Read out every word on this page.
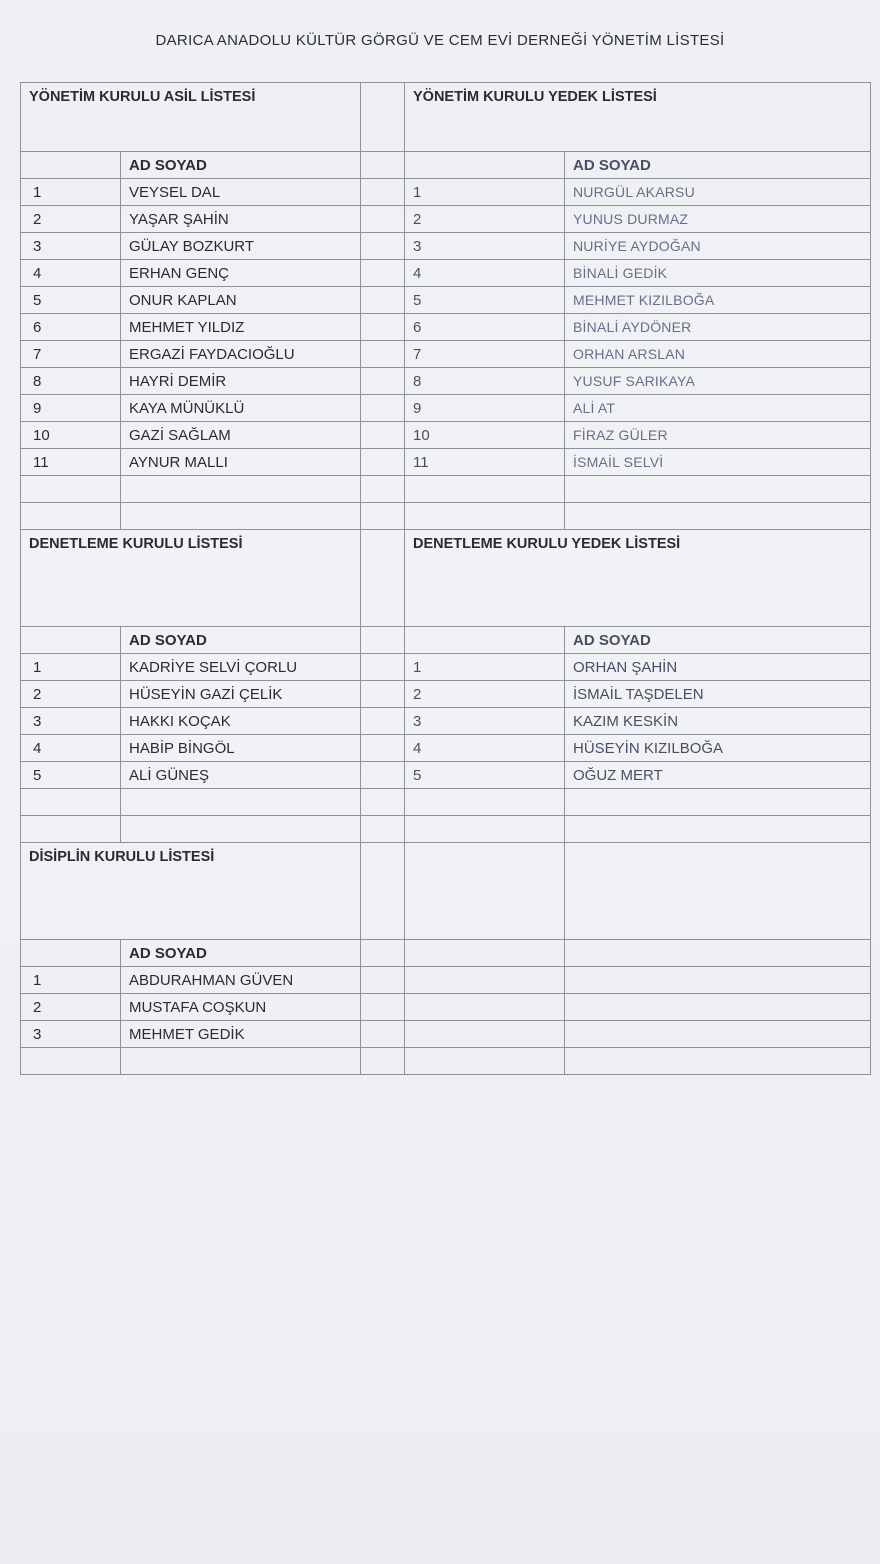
DARICA ANADOLU KÜLTÜR GÖRGÜ VE CEM EVİ DERNEĞİ YÖNETİM LİSTESİ
YÖNETİM KURULU ASİL LİSTESİ			YÖNETİM KURULU YEDEK LİSTESİ	
	AD SOYAD			AD SOYAD
1	VEYSEL DAL		1	NURGÜL AKARSU
2	YAŞAR ŞAHİN		2	YUNUS DURMAZ
3	GÜLAY BOZKURT		3	NURİYE AYDOĞAN
4	ERHAN GENÇ		4	BİNALİ GEDİK
5	ONUR KAPLAN		5	MEHMET KIZILBOĞA
6	MEHMET YILDIZ		6	BİNALİ AYDÖNER
7	ERGAZİ FAYDACIOĞLU		7	ORHAN ARSLAN
8	HAYRİ DEMİR		8	YUSUF SARIKAYA
9	KAYA MÜNÜKLÜ		9	ALİ AT
10	GAZİ SAĞLAM		10	FİRAZ GÜLER
11	AYNUR MALLI		11	İSMAİL SELVİ

DENETLEME KURULU LİSTESİ			DENETLEME KURULU YEDEK LİSTESİ	
	AD SOYAD			AD SOYAD
1	KADRİYE SELVİ ÇORLU		1	ORHAN ŞAHİN
2	HÜSEYİN GAZİ ÇELİK		2	İSMAİL TAŞDELEN
3	HAKKI KOÇAK		3	KAZIM KESKİN
4	HABİP BİNGÖL		4	HÜSEYİN KIZILBOĞA
5	ALİ GÜNEŞ		5	OĞUZ MERT

DİSİPLİN KURULU LİSTESİ				
	AD SOYAD			
1	ABDURAHMAN GÜVEN			
2	MUSTAFA COŞKUN			
3	MEHMET GEDİK			
